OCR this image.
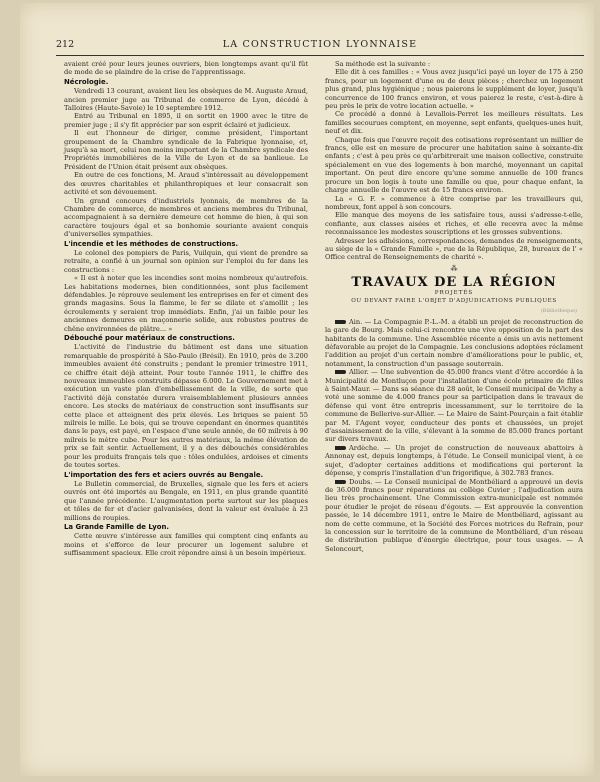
212	LA CONSTRUCTION LYONNAISE

avaient créé pour leurs jeunes ouvriers, bien longtemps avant qu'il fût de mode de se plaindre de la crise de l'apprentissage.

Nécrologie.

Vendredi 13 courant, avaient lieu les obsèques de M. Auguste Araud, ancien premier juge au Tribunal de commerce de Lyon, décédé à Talloires (Haute-Savoie) le 10 septembre 1912.

Entré au Tribunal en 1895, il en sortit en 1900 avec le titre de premier juge ; il s'y fit apprécier par son esprit éclairé et judicieux.

Il eut l'honneur de diriger, comme président, l'important groupement de la Chambre syndicale de la Fabrique lyonnaise, et, jusqu'à sa mort, celui non moins important de la Chambre syndicale des Propriétés immobilières de la Ville de Lyon et de sa banlieue. Le Président de l'Union était présent aux obsèques.

En outre de ces fonctions, M. Araud s'intéressait au développement des œuvres charitables et philanthropiques et leur consacrait son activité et son dévouement.

Un grand concours d'industriels lyonnais, de membres de la Chambre de commerce, de membres et anciens membres du Tribunal, accompagnaient à sa dernière demeure cet homme de bien, à qui son caractère toujours égal et sa bonhomie souriante avaient conquis d'universelles sympathies.

L'incendie et les méthodes de constructions.

Le colonel des pompiers de Paris, Vuilquin, qui vient de prendre sa retraite, a confié à un journal son opinion sur l'emploi du fer dans les constructions :

« Il est à noter que les incendies sont moins nombreux qu'autrefois. Les habitations modernes, bien conditionnées, sont plus facilement défendables. Je réprouve seulement les entreprises en fer et ciment des grands magasins. Sous la flamme, le fer se dilate et s'amollit ; les écroulements y seraient trop immédiats. Enfin, j'ai un faible pour les anciennes demeures en maçonnerie solide, aux robustes poutres de chêne environnées de plâtre... »

Débouché pour matériaux de constructions.

L'activité de l'industrie du bâtiment est dans une situation remarquable de prospérité à São-Paulo (Brésil). En 1910, près de 3.200 immeubles avaient été construits ; pendant le premier trimestre 1911, ce chiffre était déjà atteint. Pour toute l'année 1911, le chiffre des nouveaux immeubles construits dépasse 6.000. Le Gouvernement met à exécution un vaste plan d'embellissement de la ville, de sorte que l'activité déjà constatée durera vraisemblablement plusieurs années encore. Les stocks de matériaux de construction sont insuffisants sur cette place et atteignent des prix élevés. Les briques se paient 55 milreis le mille. Le bois, qui se trouve cependant en énormes quantités dans le pays, est payé, en l'espace d'une seule année, de 60 milreis à 90 milreis le mètre cube. Pour les autres matériaux, la même élévation de prix se fait sentir. Actuellement, il y a des débouchés considérables pour les produits français tels que : tôles ondulées, ardoises et ciments de toutes sortes.

L'importation des fers et aciers ouvrés au Bengale.

Le Bulletin commercial, de Bruxelles, signale que les fers et aciers ouvrés ont été importés au Bengale, en 1911, en plus grande quantité que l'année précédente. L'augmentation porte surtout sur les plaques et tôles de fer et d'acier galvanisées, dont la valeur est évaluée à 23 millions de roupies.

La Grande Famille de Lyon.

Cette œuvre s'intéresse aux familles qui comptent cinq enfants au moins et s'efforce de leur procurer un logement salubre et suffisamment spacieux. Elle croit répondre ainsi à un besoin impérieux.

Sa méthode est la suivante :

Elle dit à ces familles : « Vous avez jusqu'ici payé un loyer de 175 à 250 francs, pour un logement d'une ou de deux pièces ; cherchez un logement plus grand, plus hygiénique ; nous paierons le supplément de loyer, jusqu'à concurrence de 100 francs environ, et vous paierez le reste, c'est-à-dire à peu près le prix de votre location actuelle. »

Ce procédé a donné à Levallois-Perret les meilleurs résultats. Les familles secourues comptent, en moyenne, sept enfants, quelques-unes huit, neuf et dix.

Chaque fois que l'œuvre reçoit des cotisations représentant un millier de francs, elle est en mesure de procurer une habitation saine à soixante-dix enfants ; c'est à peu près ce qu'arbitrerait une maison collective, construite spécialement en vue des logements à bon marché, moyennant un capital important. On peut dire encore qu'une somme annuelle de 100 francs procure un bon logis à toute une famille ou que, pour chaque enfant, la charge annuelle de l'œuvre est de 15 francs environ.

La « G. F. » commence à être comprise par les travailleurs qui, nombreux, font appel à son concours.

Elle manque des moyens de les satisfaire tous, aussi s'adresse-t-elle, confiante, aux classes aisées et riches, et elle recevra avec la même reconnaissance les modestes souscriptions et les grosses subventions.

Adresser les adhésions, correspondances, demandes de renseignements, au siège de la « Grande Famille », rue de la République, 28, bureaux de l' « Office central de Renseignements de charité ».

⁂
TRAVAUX DE LA RÉGION
PROJETÉS
OU DEVANT FAIRE L'OBJET D'ADJUDICATIONS PUBLIQUES
(Bibliothèque)

Ain. — La Compagnie P.-L.-M. a établi un projet de reconstruction de la gare de Bourg. Mais celui-ci rencontre une vive opposition de la part des habitants de la commune. Une Assemblée récente a émis un avis nettement défavorable au projet de la Compagnie. Les conclusions adoptées réclament l'addition au projet d'un certain nombre d'améliorations pour le public, et, notamment, la construction d'un passage souterrain.

Allier. — Une subvention de 45.000 francs vient d'être accordée à la Municipalité de Montluçon pour l'installation d'une école primaire de filles à Saint-Maur. — Dans sa séance du 28 août, le Conseil municipal de Vichy a voté une somme de 4.000 francs pour sa participation dans le travaux de défense qui vont être entrepris incessamment, sur le territoire de la commune de Bellerive-sur-Allier. — Le Maire de Saint-Pourçain a fait établir par M. l'Agent voyer, conducteur des ponts et chaussées, un projet d'assainissement de la ville, s'élevant à la somme de 85.000 francs portant sur divers travaux.

Ardèche. — Un projet de construction de nouveaux abattoirs à Annonay est, depuis longtemps, à l'étude. Le Conseil municipal vient, à ce sujet, d'adopter certaines additions et modifications qui porteront la dépense, y compris l'installation d'un frigorifique, à 302.783 francs.

Doubs. — Le Conseil municipal de Montbéliard a approuvé un devis de 36.000 francs pour réparations au collège Cuvier ; l'adjudication aura lieu très prochainement. Une Commission extra-municipale est nommée pour étudier le projet de réseau d'égouts. — Est approuvée la convention passée, le 14 décembre 1911, entre le Maire de Montbéliard, agissant au nom de cette commune, et la Société des Forces motrices du Refrain, pour la concession sur le territoire de la commune de Montbéliard, d'un réseau de distribution publique d'énergie électrique, pour tous usages. — A Seloncourt,
